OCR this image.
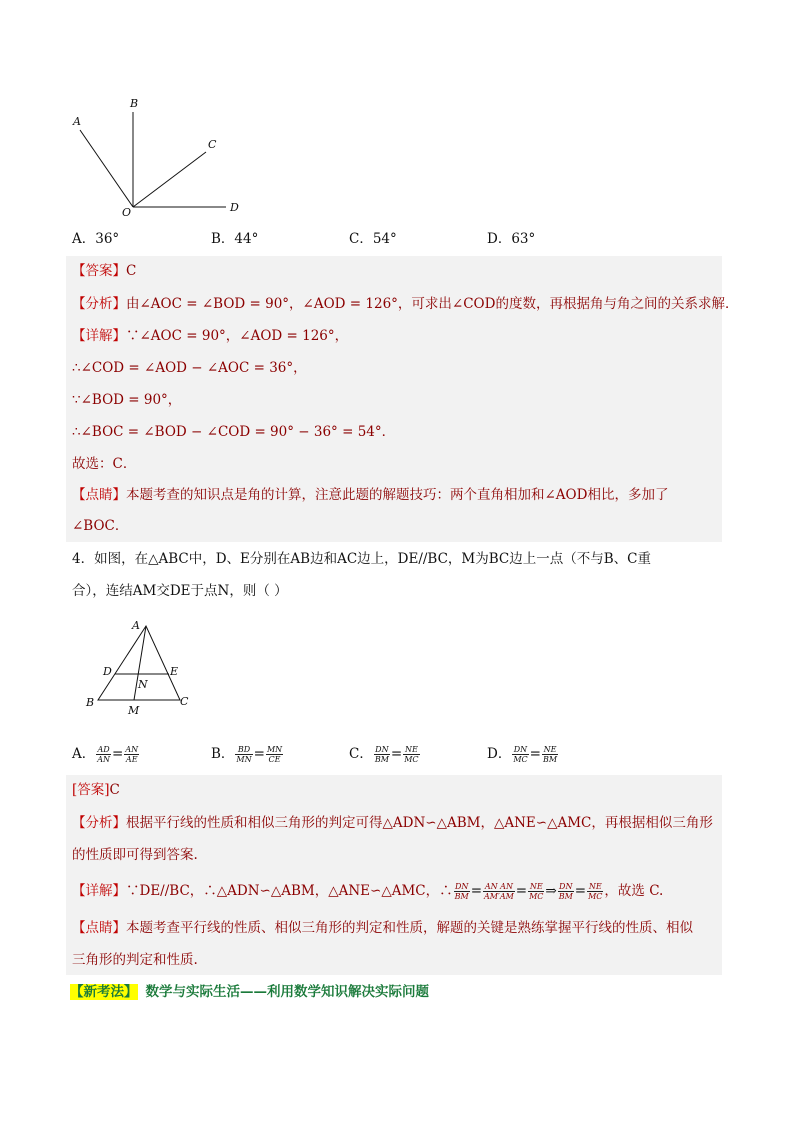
A
B
C
D
O
A．36°	B．44°	C．54°	D．63°
【答案】C
【分析】由∠AOC = ∠BOD = 90°，∠AOD = 126°，可求出∠COD的度数，再根据角与角之间的关系求解．
【详解】∵∠AOC = 90°，∠AOD = 126°，
∴∠COD = ∠AOD − ∠AOC = 36°，
∵∠BOD = 90°，
∴∠BOC = ∠BOD − ∠COD = 90° − 36° = 54°．
故选：C．
【点睛】本题考查的知识点是角的计算，注意此题的解题技巧：两个直角相加和∠AOD相比，多加了
∠BOC．
4．如图，在△ABC中，D、E分别在AB边和AC边上，DE//BC，M为BC边上一点（不与B、C重
合），连结AM交DE于点N，则（ ）
A
D	E
N
B
M
C
A． $\frac{AD}{AN} = \frac{AN}{AE}$	B． $\frac{BD}{MN} = \frac{MN}{CE}$	C． $\frac{DN}{BM} = \frac{NE}{MC}$	D． $\frac{DN}{MC} = \frac{NE}{BM}$
[答案]C
【分析】根据平行线的性质和相似三角形的判定可得△ADN∽△ABM，△ANE∽△AMC，再根据相似三角形
的性质即可得到答案.
【详解】∵DE//BC，∴△ADN∽△ABM，△ANE∽△AMC，∴ $\frac{DN}{BM} = \frac{\text{AN AN}}{AM'AM} = \frac{NE}{MC}$ ⇒ $\frac{DN}{BM} = \frac{NE}{MC}$ ，故选 C.
【点睛】本题考查平行线的性质、相似三角形的判定和性质，解题的关键是熟练掌握平行线的性质、相似
三角形的判定和性质.
【新考法】 数学与实际生活——利用数学知识解决实际问题
